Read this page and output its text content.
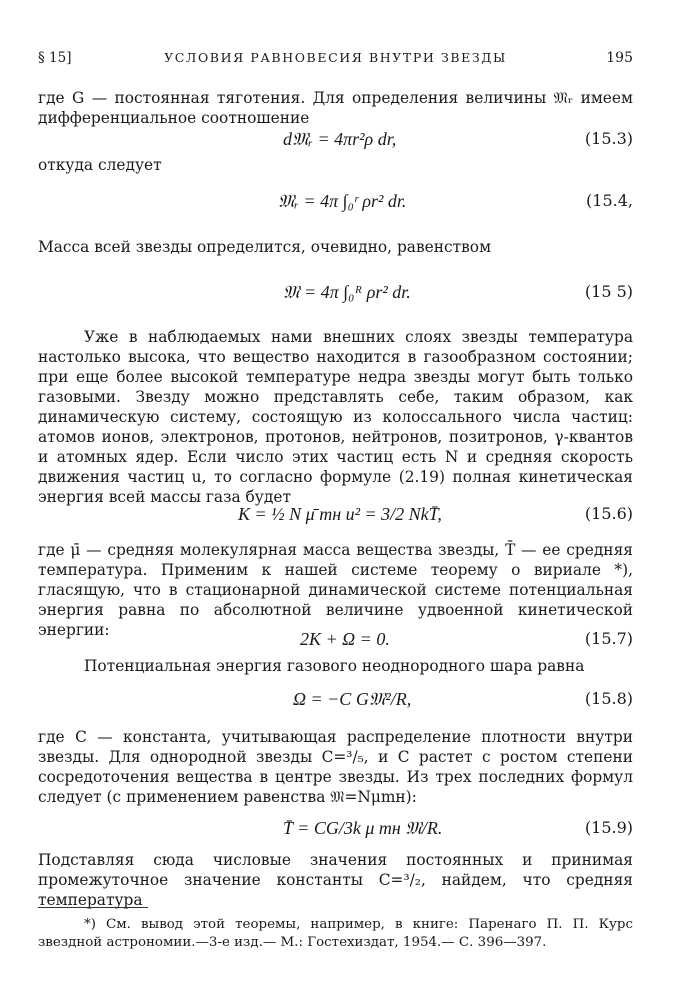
§ 15]	УСЛОВИЯ РАВНОВЕСИЯ ВНУТРИ ЗВЕЗДЫ	195

где G — постоянная тяготения. Для определения величины 𝔐ᵣ имеем дифференциальное соотношение

d𝔐ᵣ = 4πr²ρ dr,	(15.3)

откуда следует

𝔐ᵣ = 4π ∫₀ʳ ρr² dr.	(15.4,

Масса всей звезды определится, очевидно, равенством

𝔐 = 4π ∫₀ᴿ ρr² dr.	(15 5)

Уже в наблюдаемых нами внешних слоях звезды температура настолько высока, что вещество находится в газообразном состоянии; при еще более высокой температуре недра звезды могут быть только газовыми. Звезду можно представлять себе, таким образом, как динамическую систему, состоящую из колоссального числа частиц: атомов ионов, электронов, протонов, нейтронов, позитронов, γ-квантов и атомных ядер. Если число этих частиц есть N и средняя скорость движения частиц u, то согласно формуле (2.19) полная кинетическая энергия всей массы газа будет

K = ½ N μ̄ mн u² = 3/2 NkT̄,	(15.6)

где μ̄ — средняя молекулярная масса вещества звезды, T̄ — ее средняя температура. Применим к нашей системе теорему о вириале *), гласящую, что в стационарной динамической системе потенциальная энергия равна по абсолютной величине удвоенной кинетической энергии:	2K + Ω = 0.	(15.7)

Потенциальная энергия газового неоднородного шара равна

Ω = −C G𝔐²/R,	(15.8)

где C — константа, учитывающая распределение плотности внутри звезды. Для однородной звезды C=³/₅, и C растет с ростом степени сосредоточения вещества в центре звезды. Из трех последних формул следует (с применением равенства 𝔐=Nμmн):

T̄ = CG/3k μ mн 𝔐/R.	(15.9)

Подставляя сюда числовые значения постоянных и принимая промежуточное значение константы C=³/₂, найдем, что средняя температура

*) См. вывод этой теоремы, например, в книге: Паренаго П. П. Курс звездной астрономии.—3-е изд.— М.: Гостехиздат, 1954.— С. 396—397.
